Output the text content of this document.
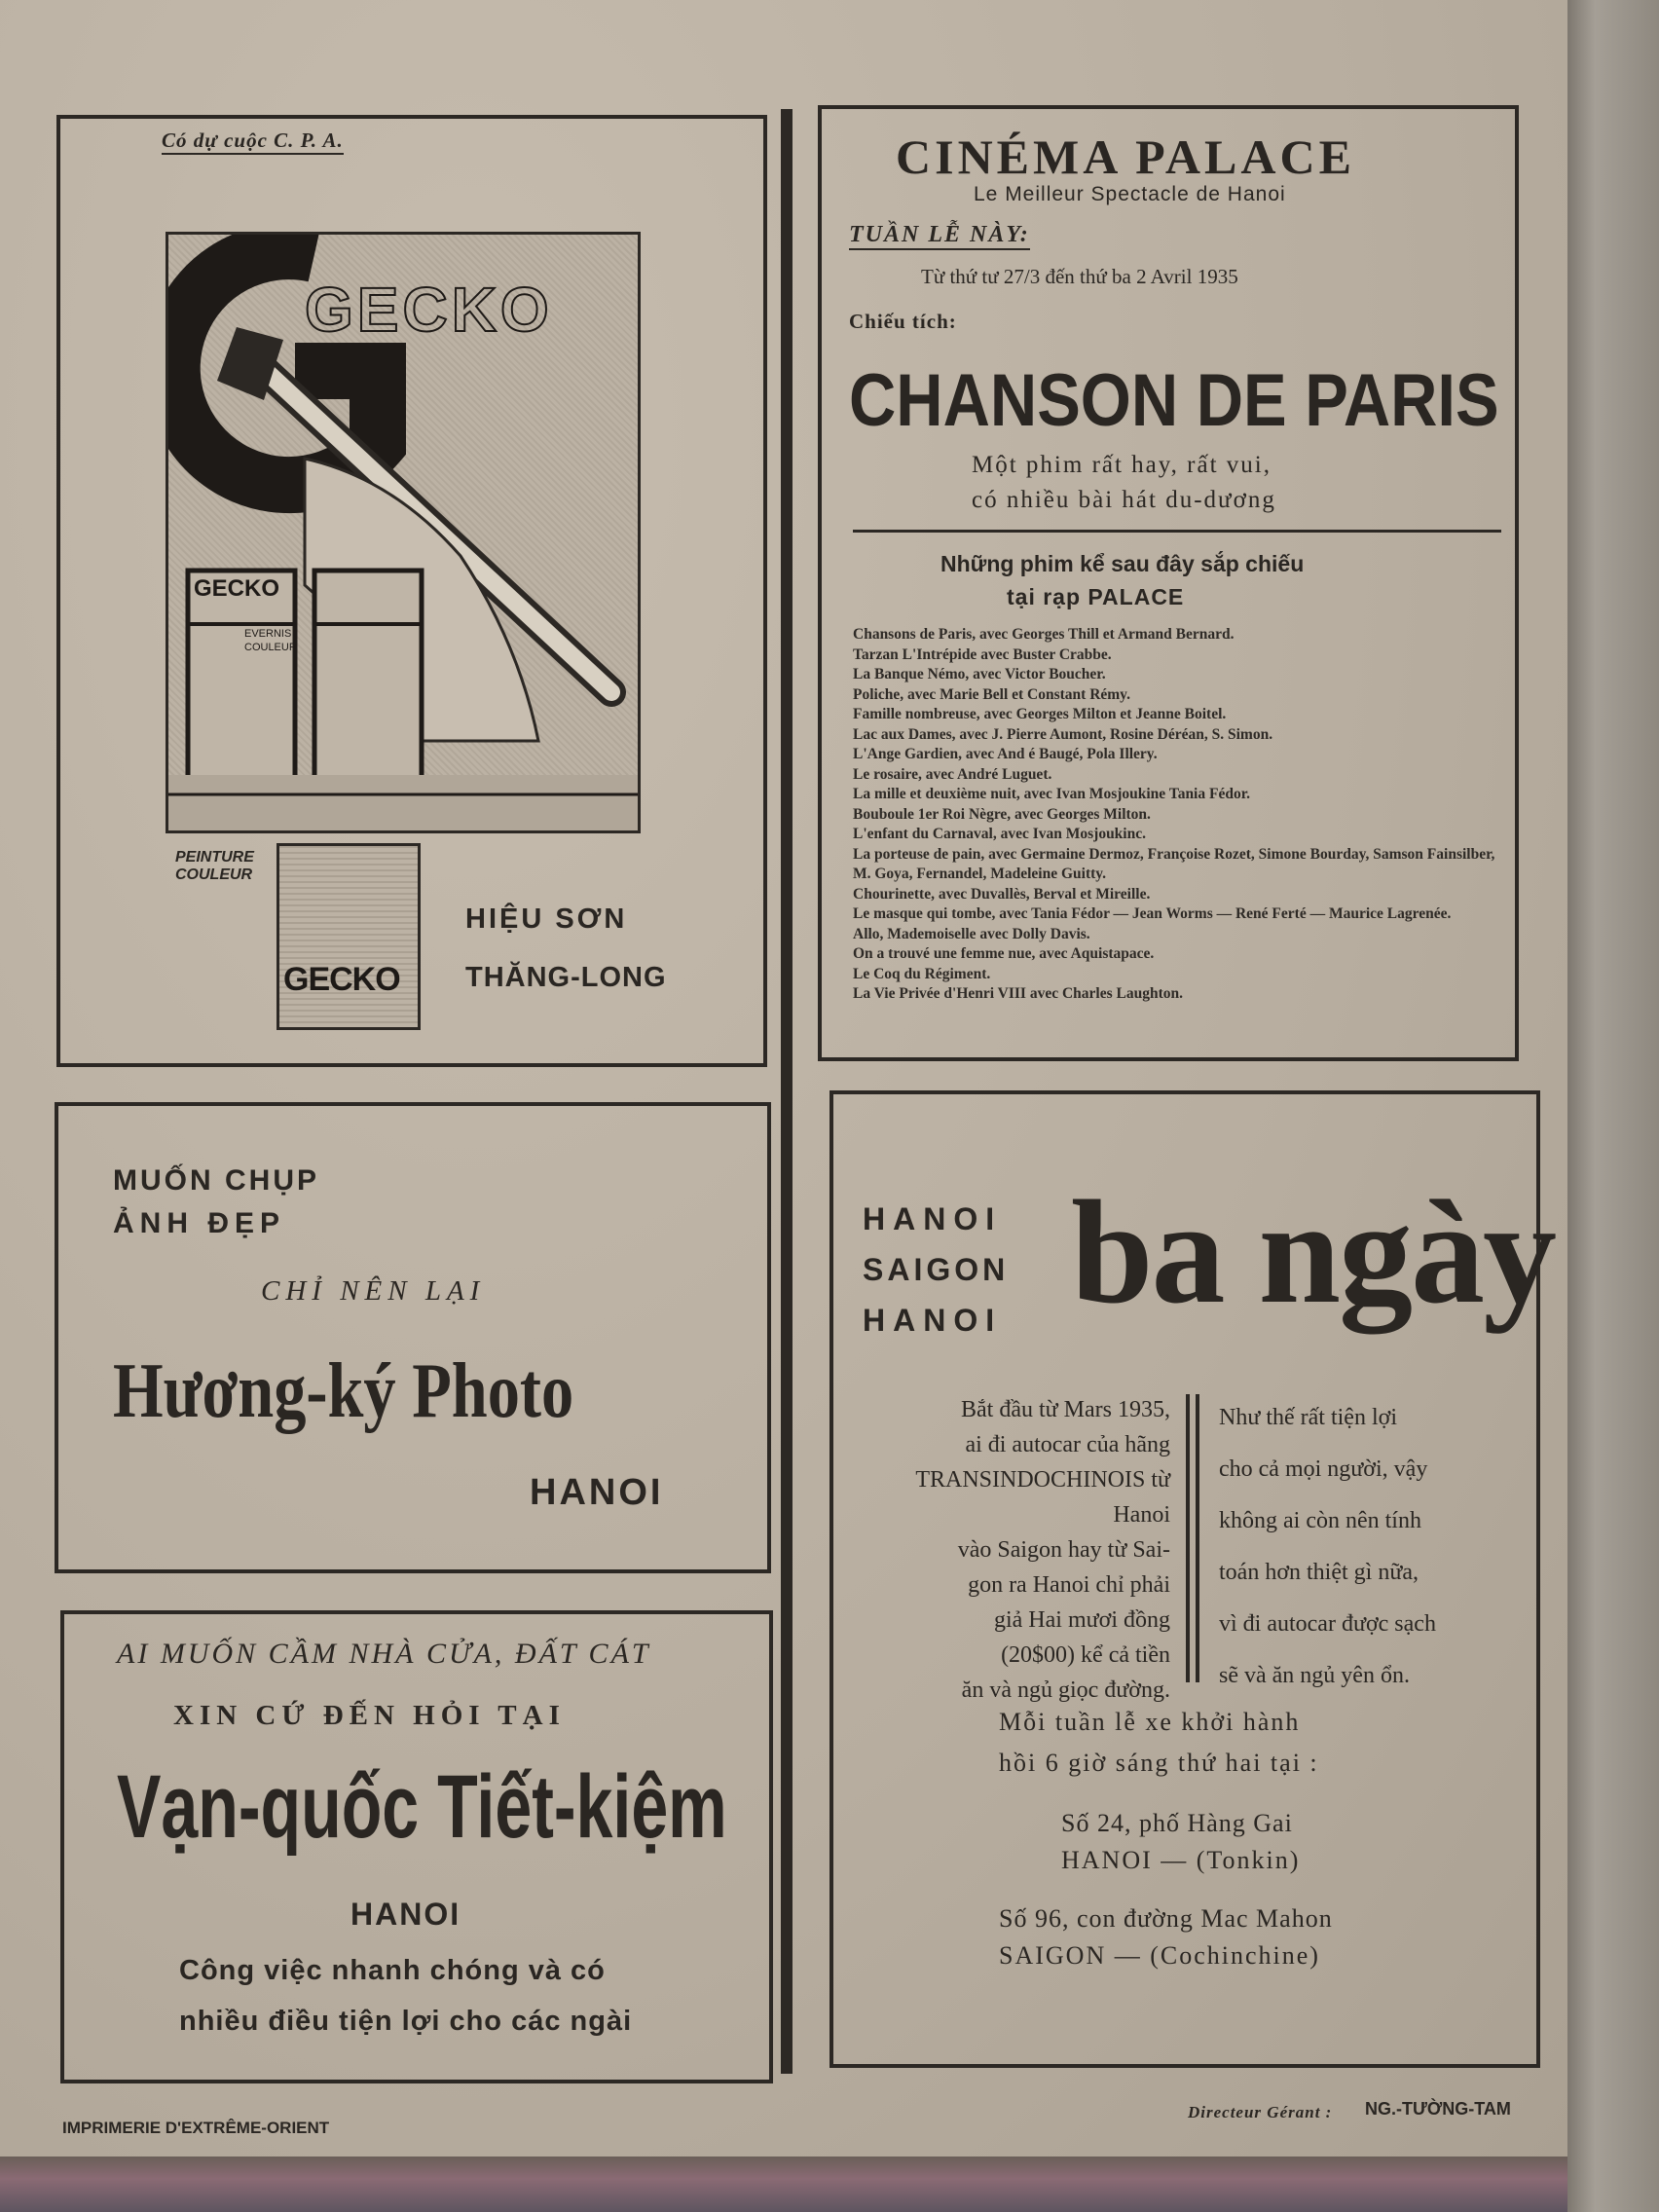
Có dự cuộc C. P. A.
GECKO
GECKO
EVERNIS
COULEUR
PEINTURE
COULEUR
GECKO
HIỆU SƠN
THĂNG-LONG
CINÉMA PALACE
Le Meilleur Spectacle de Hanoi
TUẦN LỄ NÀY:
Từ thứ tư 27/3 đến thứ ba 2 Avril 1935
Chiếu tích:
CHANSON DE PARIS
Một phim rất hay, rất vui,
có nhiều bài hát du-dương
Những phim kể sau đây sắp chiếu
tại rạp PALACE
Chansons de Paris, avec Georges Thill et Armand Bernard.
Tarzan L'Intrépide avec Buster Crabbe.
La Banque Némo, avec Victor Boucher.
Poliche, avec Marie Bell et Constant Rémy.
Famille nombreuse, avec Georges Milton et Jeanne Boitel.
Lac aux Dames, avec J. Pierre Aumont, Rosine Déréan, S. Simon.
L'Ange Gardien, avec And é Baugé, Pola Illery.
Le rosaire, avec André Luguet.
La mille et deuxième nuit, avec Ivan Mosjoukine Tania Fédor.
Bouboule 1er Roi Nègre, avec Georges Milton.
L'enfant du Carnaval, avec Ivan Mosjoukinc.
La porteuse de pain, avec Germaine Dermoz, Françoise Rozet, Simone Bourday, Samson Fainsilber, M. Goya, Fernandel, Madeleine Guitty.
Chourinette, avec Duvallès, Berval et Mireille.
Le masque qui tombe, avec Tania Fédor — Jean Worms — René Ferté — Maurice Lagrenée.
Allo, Mademoiselle avec Dolly Davis.
On a trouvé une femme nue, avec Aquistapace.
Le Coq du Régiment.
La Vie Privée d'Henri VIII avec Charles Laughton.
MUỐN CHỤP
ẢNH ĐẸP
CHỈ NÊN LẠI
Hương-ký Photo
HANOI
AI MUỐN CẦM NHÀ CỬA, ĐẤT CÁT
XIN CỨ ĐẾN HỎI TẠI
Vạn-quốc Tiết-kiệm
HANOI
Công việc nhanh chóng và có
nhiều điều tiện lợi cho các ngài
HANOI
SAIGON
HANOI ba ngày
Bắt đầu từ Mars 1935,
ai đi autocar của hãng
TRANSINDOCHINOIS từ Hanoi
vào Saigon hay từ Sai-
gon ra Hanoi chỉ phải
giả Hai mươi đồng
(20$00) kể cả tiền
ăn và ngủ giọc đường.
Như thế rất tiện lợi
cho cả mọi người, vậy
không ai còn nên tính
toán hơn thiệt gì nữa,
vì đi autocar được sạch
sẽ và ăn ngủ yên ổn.
Mỗi tuần lễ xe khởi hành
hồi 6 giờ sáng thứ hai tại :
Số 24, phố Hàng Gai
HANOI — (Tonkin)
Số 96, con đường Mac Mahon
SAIGON — (Cochinchine)
IMPRIMERIE D'EXTRÊME-ORIENT
Directeur Gérant : NG.-TƯỜNG-TAM
